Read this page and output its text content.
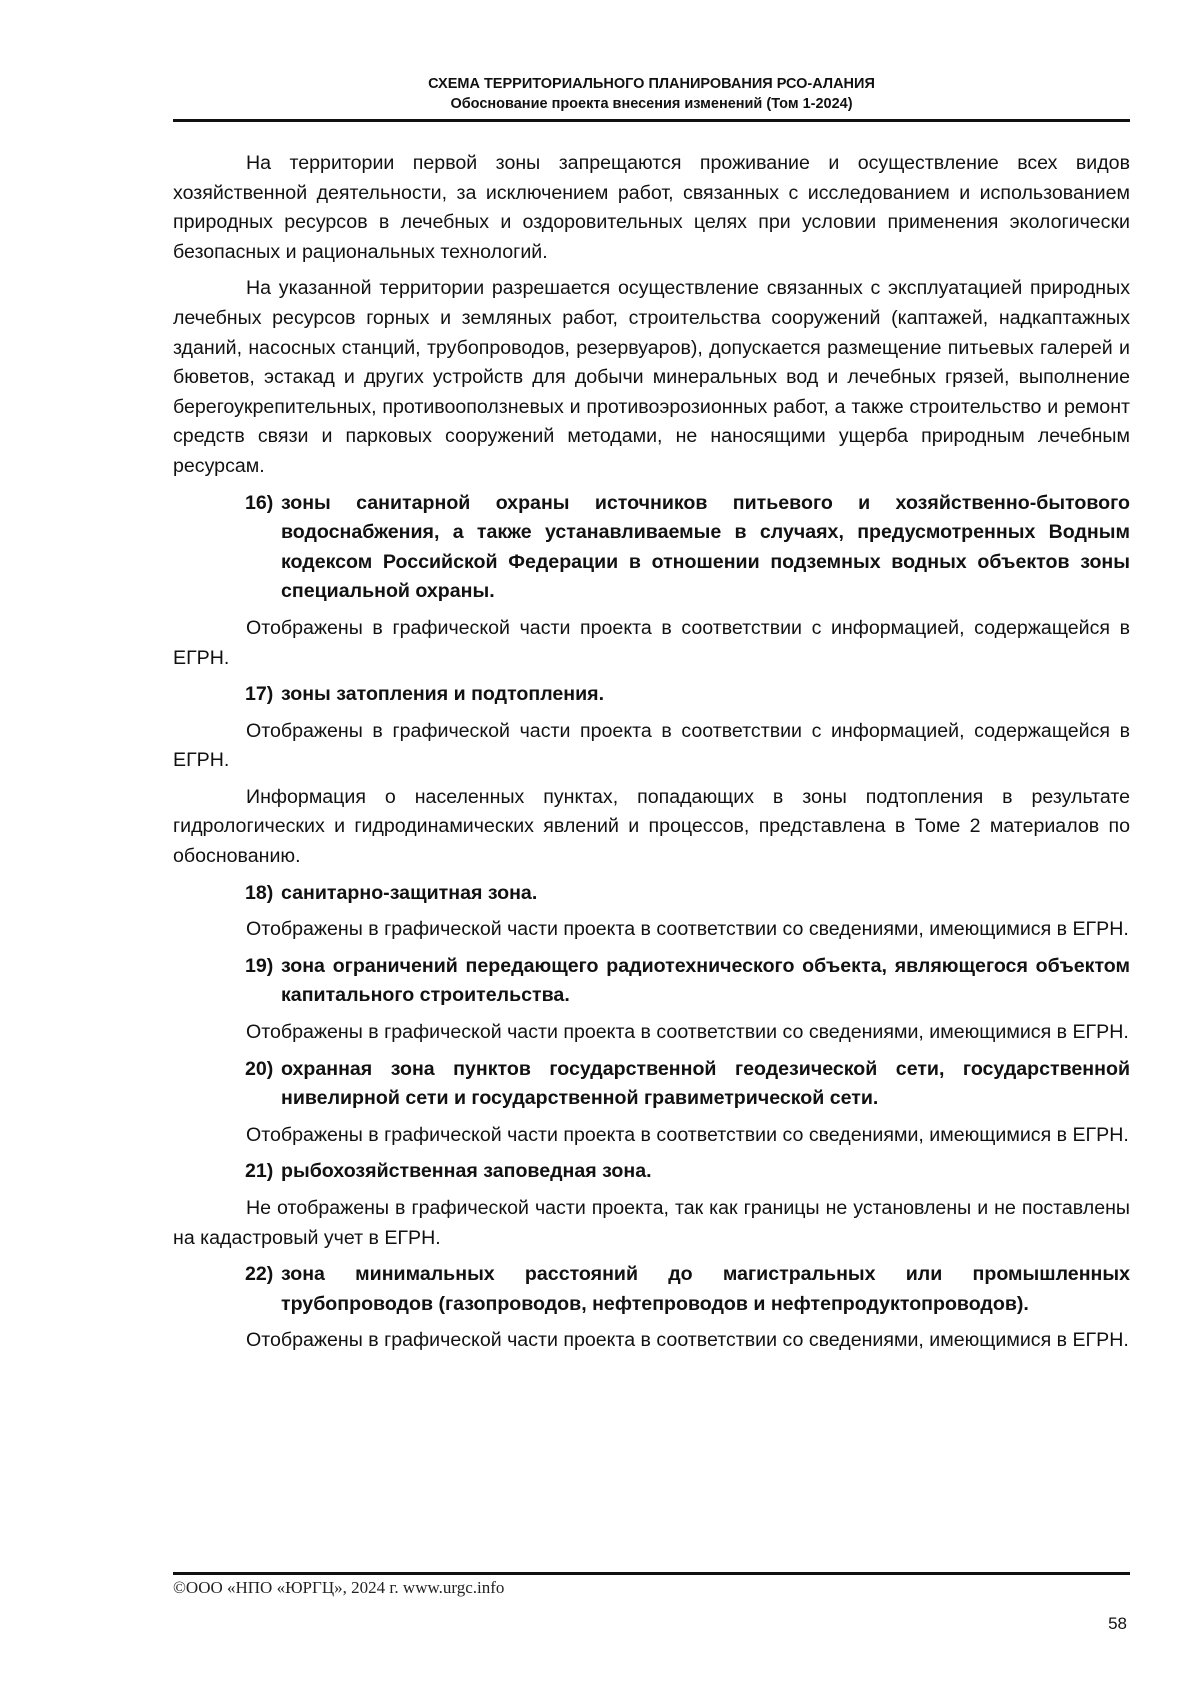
СХЕМА ТЕРРИТОРИАЛЬНОГО ПЛАНИРОВАНИЯ РСО-АЛАНИЯ
Обоснование проекта внесения изменений (Том 1-2024)

На территории первой зоны запрещаются проживание и осуществление всех видов хозяйственной деятельности, за исключением работ, связанных с исследованием и использованием природных ресурсов в лечебных и оздоровительных целях при условии применения экологически безопасных и рациональных технологий.

На указанной территории разрешается осуществление связанных с эксплуатацией природных лечебных ресурсов горных и земляных работ, строительства сооружений (каптажей, надкаптажных зданий, насосных станций, трубопроводов, резервуаров), допускается размещение питьевых галерей и бюветов, эстакад и других устройств для добычи минеральных вод и лечебных грязей, выполнение берегоукрепительных, противооползневых и противоэрозионных работ, а также строительство и ремонт средств связи и парковых сооружений методами, не наносящими ущерба природным лечебным ресурсам.

16) зоны санитарной охраны источников питьевого и хозяйственно-бытового водоснабжения, а также устанавливаемые в случаях, предусмотренных Водным кодексом Российской Федерации в отношении подземных водных объектов зоны специальной охраны.

Отображены в графической части проекта в соответствии с информацией, содержащейся в ЕГРН.

17) зоны затопления и подтопления.

Отображены в графической части проекта в соответствии с информацией, содержащейся в ЕГРН.

Информация о населенных пунктах, попадающих в зоны подтопления в результате гидрологических и гидродинамических явлений и процессов, представлена в Томе 2 материалов по обоснованию.

18) санитарно-защитная зона.

Отображены в графической части проекта в соответствии со сведениями, имеющимися в ЕГРН.

19) зона ограничений передающего радиотехнического объекта, являющегося объектом капитального строительства.

Отображены в графической части проекта в соответствии со сведениями, имеющимися в ЕГРН.

20) охранная зона пунктов государственной геодезической сети, государственной нивелирной сети и государственной гравиметрической сети.

Отображены в графической части проекта в соответствии со сведениями, имеющимися в ЕГРН.

21) рыбохозяйственная заповедная зона.

Не отображены в графической части проекта, так как границы не установлены и не поставлены на кадастровый учет в ЕГРН.

22) зона минимальных расстояний до магистральных или промышленных трубопроводов (газопроводов, нефтепроводов и нефтепродуктопроводов).

Отображены в графической части проекта в соответствии со сведениями, имеющимися в ЕГРН.

©ООО «НПО «ЮРГЦ», 2024 г. www.urgc.info
58
